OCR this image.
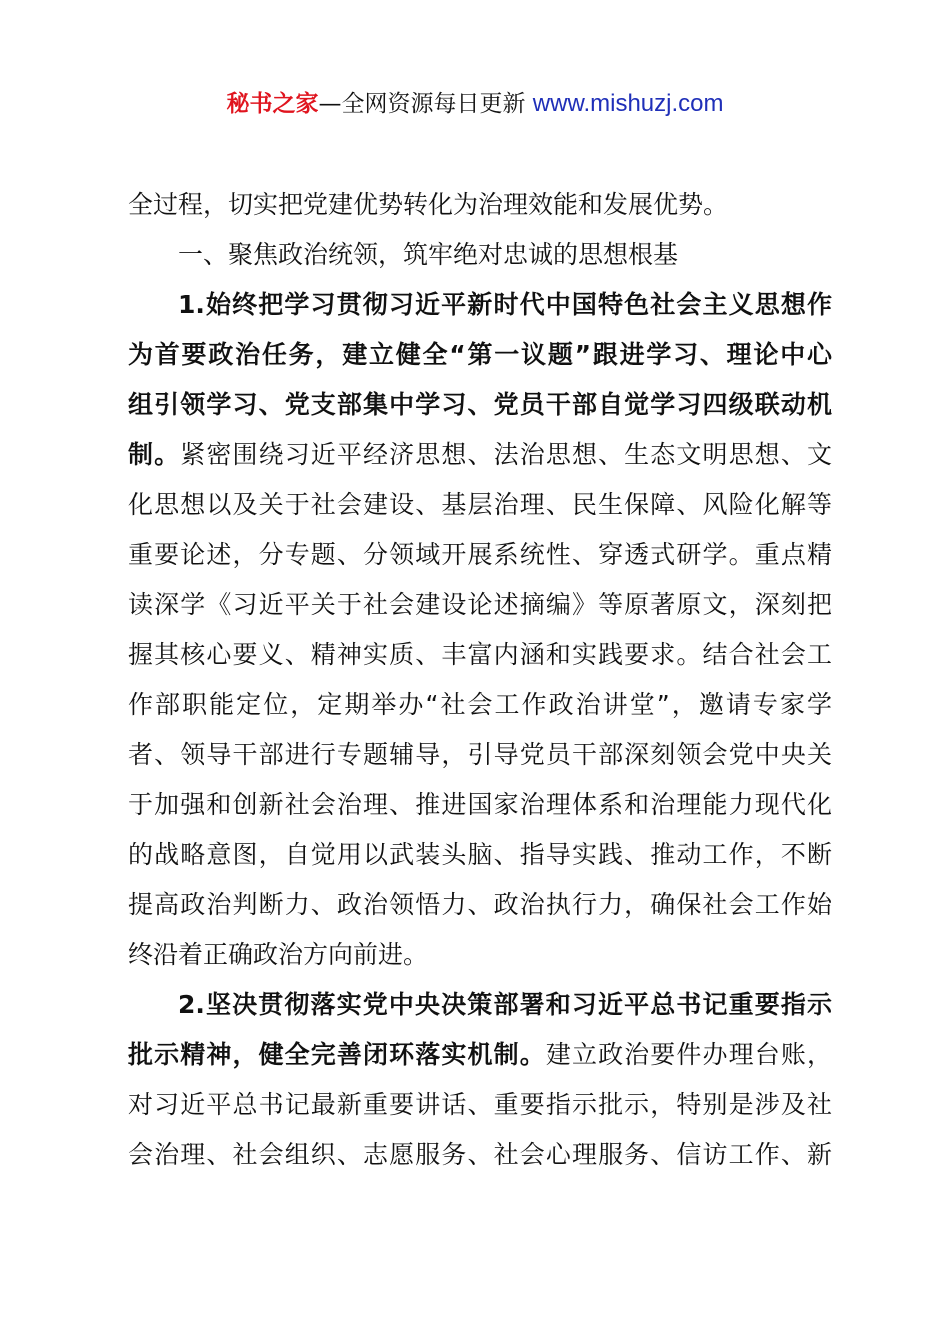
秘书之家—全网资源每日更新 www.mishuzj.com
全过程，切实把党建优势转化为治理效能和发展优势。
一、聚焦政治统领，筑牢绝对忠诚的思想根基
1.始终把学习贯彻习近平新时代中国特色社会主义思想作
为首要政治任务，建立健全“第一议题”跟进学习、理论中心
组引领学习、党支部集中学习、党员干部自觉学习四级联动机
制。紧密围绕习近平经济思想、法治思想、生态文明思想、文
化思想以及关于社会建设、基层治理、民生保障、风险化解等
重要论述，分专题、分领域开展系统性、穿透式研学。重点精
读深学《习近平关于社会建设论述摘编》等原著原文，深刻把
握其核心要义、精神实质、丰富内涵和实践要求。结合社会工
作部职能定位，定期举办“社会工作政治讲堂”，邀请专家学
者、领导干部进行专题辅导，引导党员干部深刻领会党中央关
于加强和创新社会治理、推进国家治理体系和治理能力现代化
的战略意图，自觉用以武装头脑、指导实践、推动工作，不断
提高政治判断力、政治领悟力、政治执行力，确保社会工作始
终沿着正确政治方向前进。
2.坚决贯彻落实党中央决策部署和习近平总书记重要指示
批示精神，健全完善闭环落实机制。建立政治要件办理台账，
对习近平总书记最新重要讲话、重要指示批示，特别是涉及社
会治理、社会组织、志愿服务、社会心理服务、信访工作、新
